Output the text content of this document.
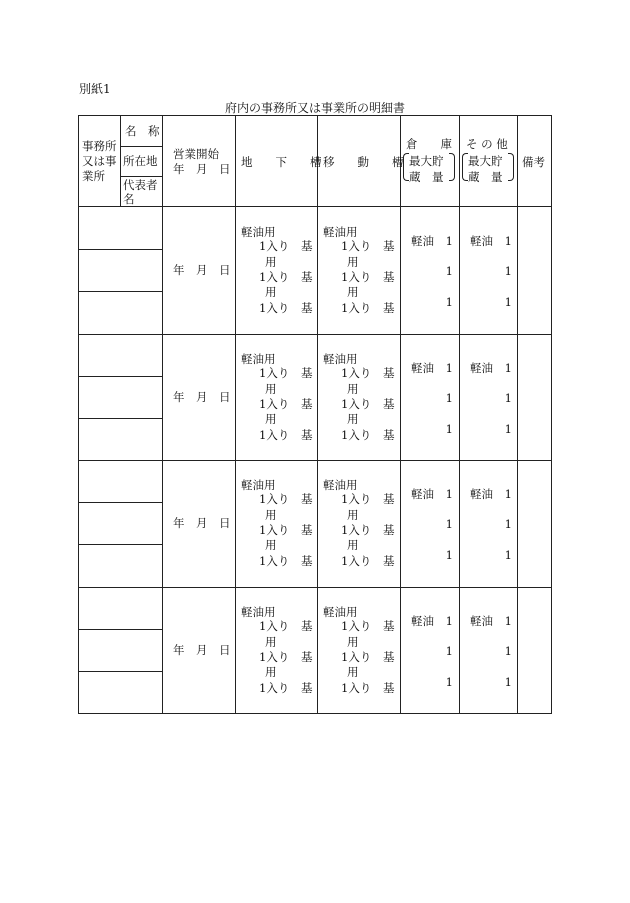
別紙1
府内の事務所又は事業所の明細書
事務所
又は事
業所
名　称
所在地
代表者
名
営業開始
年　月　日 地　　下　　槽 移　　動　　槽
倉　　庫
最大貯
蔵　量
そ の 他
最大貯
蔵　量
備考
年　月　日
軽油用
1入り 基
用
1入り 基
用
1入り 基
軽油用
1入り 基
用
1入り 基
用
1入り 基
軽油 1
1
1
軽油 1
1
1
年　月　日
軽油用
1入り 基
用
1入り 基
用
1入り 基
軽油用
1入り 基
用
1入り 基
用
1入り 基
軽油 1
1
1
軽油 1
1
1
年　月　日
軽油用
1入り 基
用
1入り 基
用
1入り 基
軽油用
1入り 基
用
1入り 基
用
1入り 基
軽油 1
1
1
軽油 1
1
1
年　月　日
軽油用
1入り 基
用
1入り 基
用
1入り 基
軽油用
1入り 基
用
1入り 基
用
1入り 基
軽油 1
1
1
軽油 1
1
1
